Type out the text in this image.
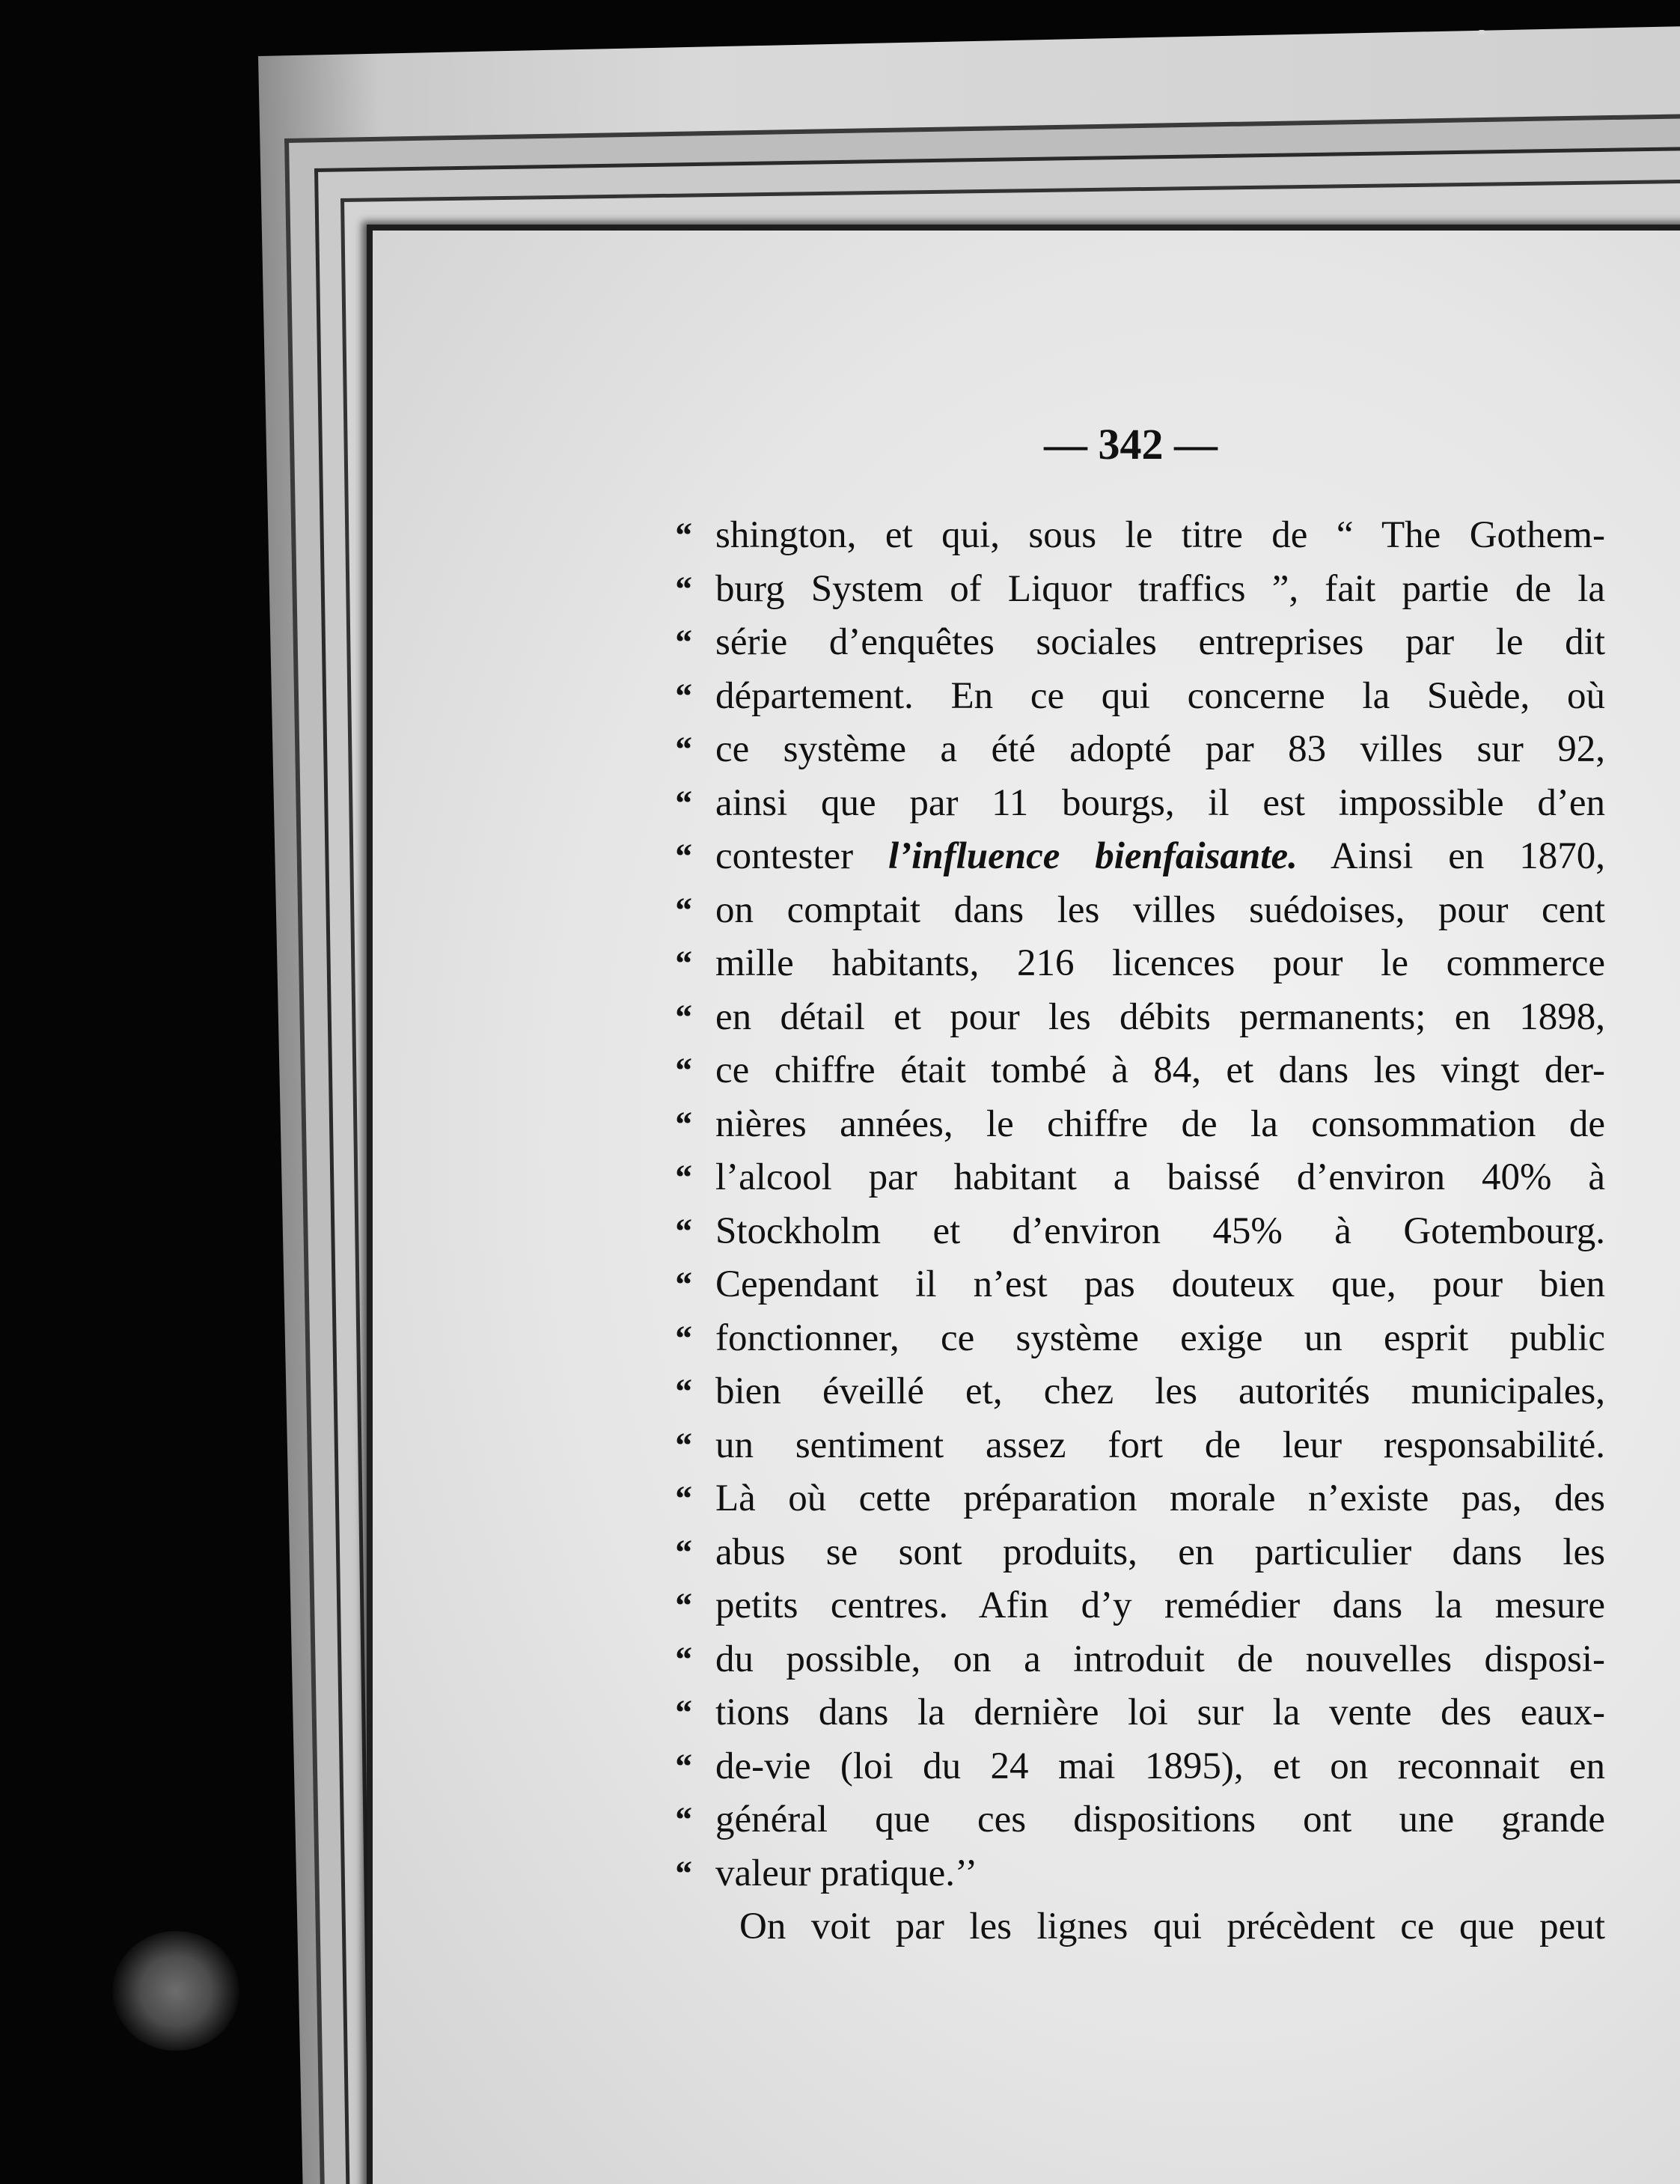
— 342 —
“ shington, et qui, sous le titre de “ The Gothem-
“ burg System of Liquor traffics ”, fait partie de la
“ série d’enquêtes sociales entreprises par le dit
“ département. En ce qui concerne la Suède, où
“ ce système a été adopté par 83 villes sur 92,
“ ainsi que par 11 bourgs, il est impossible d’en
“ contester l’influence bienfaisante. Ainsi en 1870,
“ on comptait dans les villes suédoises, pour cent
“ mille habitants, 216 licences pour le commerce
“ en détail et pour les débits permanents; en 1898,
“ ce chiffre était tombé à 84, et dans les vingt der-
“ nières années, le chiffre de la consommation de
“ l’alcool par habitant a baissé d’environ 40% à
“ Stockholm et d’environ 45% à Gotembourg.
“ Cependant il n’est pas douteux que, pour bien
“ fonctionner, ce système exige un esprit public
“ bien éveillé et, chez les autorités municipales,
“ un sentiment assez fort de leur responsabilité.
“ Là où cette préparation morale n’existe pas, des
“ abus se sont produits, en particulier dans les
“ petits centres. Afin d’y remédier dans la mesure
“ du possible, on a introduit de nouvelles disposi-
“ tions dans la dernière loi sur la vente des eaux-
“ de-vie (loi du 24 mai 1895), et on reconnait en
“ général que ces dispositions ont une grande
“ valeur pratique.’’
On voit par les lignes qui précèdent ce que peut
